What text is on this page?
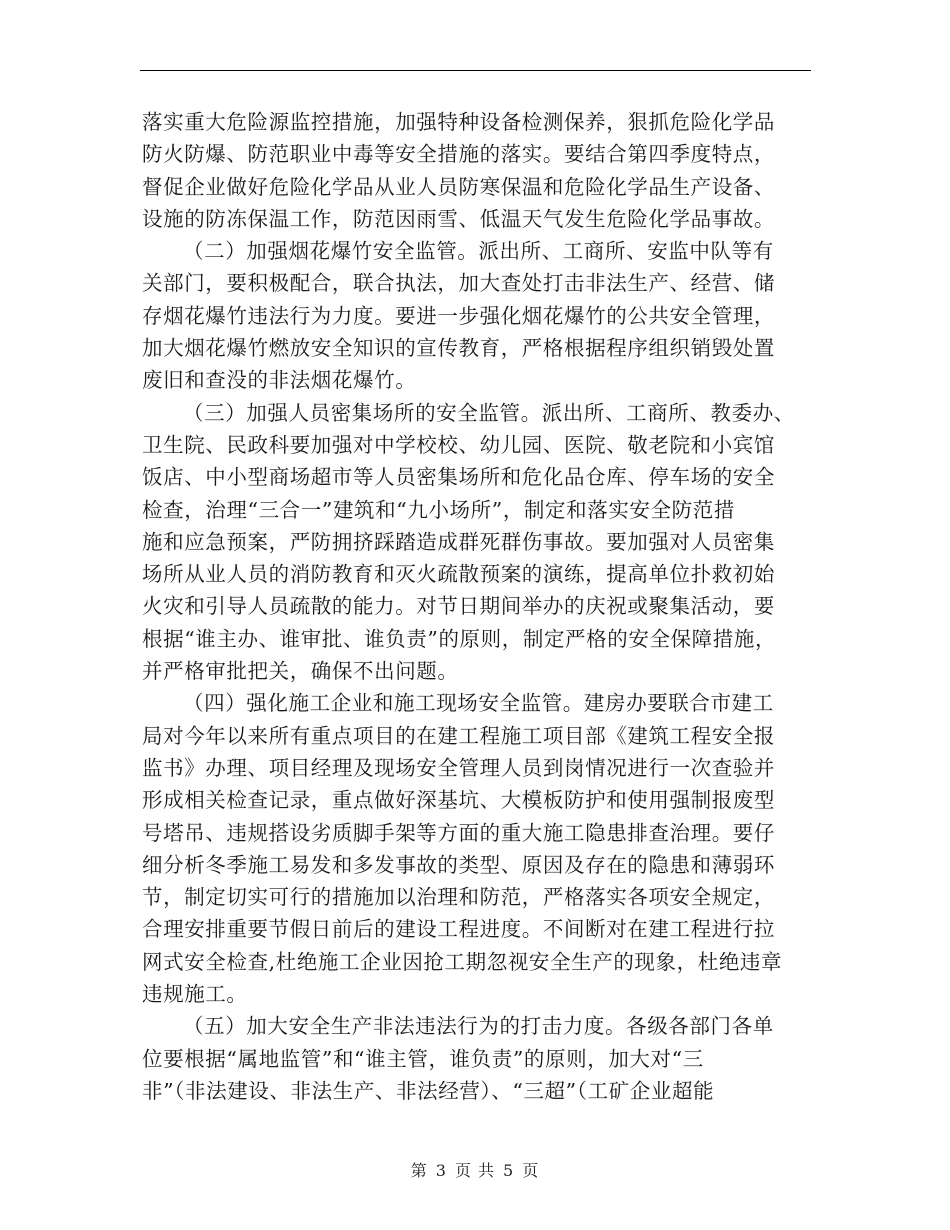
落实重大危险源监控措施，加强特种设备检测保养，狠抓危险化学品
防火防爆、防范职业中毒等安全措施的落实。要结合第四季度特点，
督促企业做好危险化学品从业人员防寒保温和危险化学品生产设备、
设施的防冻保温工作，防范因雨雪、低温天气发生危险化学品事故。
（二）加强烟花爆竹安全监管。派出所、工商所、安监中队等有
关部门，要积极配合，联合执法，加大查处打击非法生产、经营、储
存烟花爆竹违法行为力度。要进一步强化烟花爆竹的公共安全管理，
加大烟花爆竹燃放安全知识的宣传教育，严格根据程序组织销毁处置
废旧和查没的非法烟花爆竹。
（三）加强人员密集场所的安全监管。派出所、工商所、教委办、
卫生院、民政科要加强对中学校校、幼儿园、医院、敬老院和小宾馆
饭店、中小型商场超市等人员密集场所和危化品仓库、停车场的安全
检查，治理“三合一”建筑和“九小场所”，制定和落实安全防范措
施和应急预案，严防拥挤踩踏造成群死群伤事故。要加强对人员密集
场所从业人员的消防教育和灭火疏散预案的演练，提高单位扑救初始
火灾和引导人员疏散的能力。对节日期间举办的庆祝或聚集活动，要
根据“谁主办、谁审批、谁负责”的原则，制定严格的安全保障措施，
并严格审批把关，确保不出问题。
（四）强化施工企业和施工现场安全监管。建房办要联合市建工
局对今年以来所有重点项目的在建工程施工项目部《建筑工程安全报
监书》办理、项目经理及现场安全管理人员到岗情况进行一次查验并
形成相关检查记录，重点做好深基坑、大模板防护和使用强制报废型
号塔吊、违规搭设劣质脚手架等方面的重大施工隐患排查治理。要仔
细分析冬季施工易发和多发事故的类型、原因及存在的隐患和薄弱环
节，制定切实可行的措施加以治理和防范，严格落实各项安全规定，
合理安排重要节假日前后的建设工程进度。不间断对在建工程进行拉
网式安全检查,杜绝施工企业因抢工期忽视安全生产的现象，杜绝违章
违规施工。
（五）加大安全生产非法违法行为的打击力度。各级各部门各单
位要根据“属地监管”和“谁主管，谁负责”的原则，加大对“三
非”（非法建设、非法生产、非法经营）、“三超”（工矿企业超能
第 3 页 共 5 页
